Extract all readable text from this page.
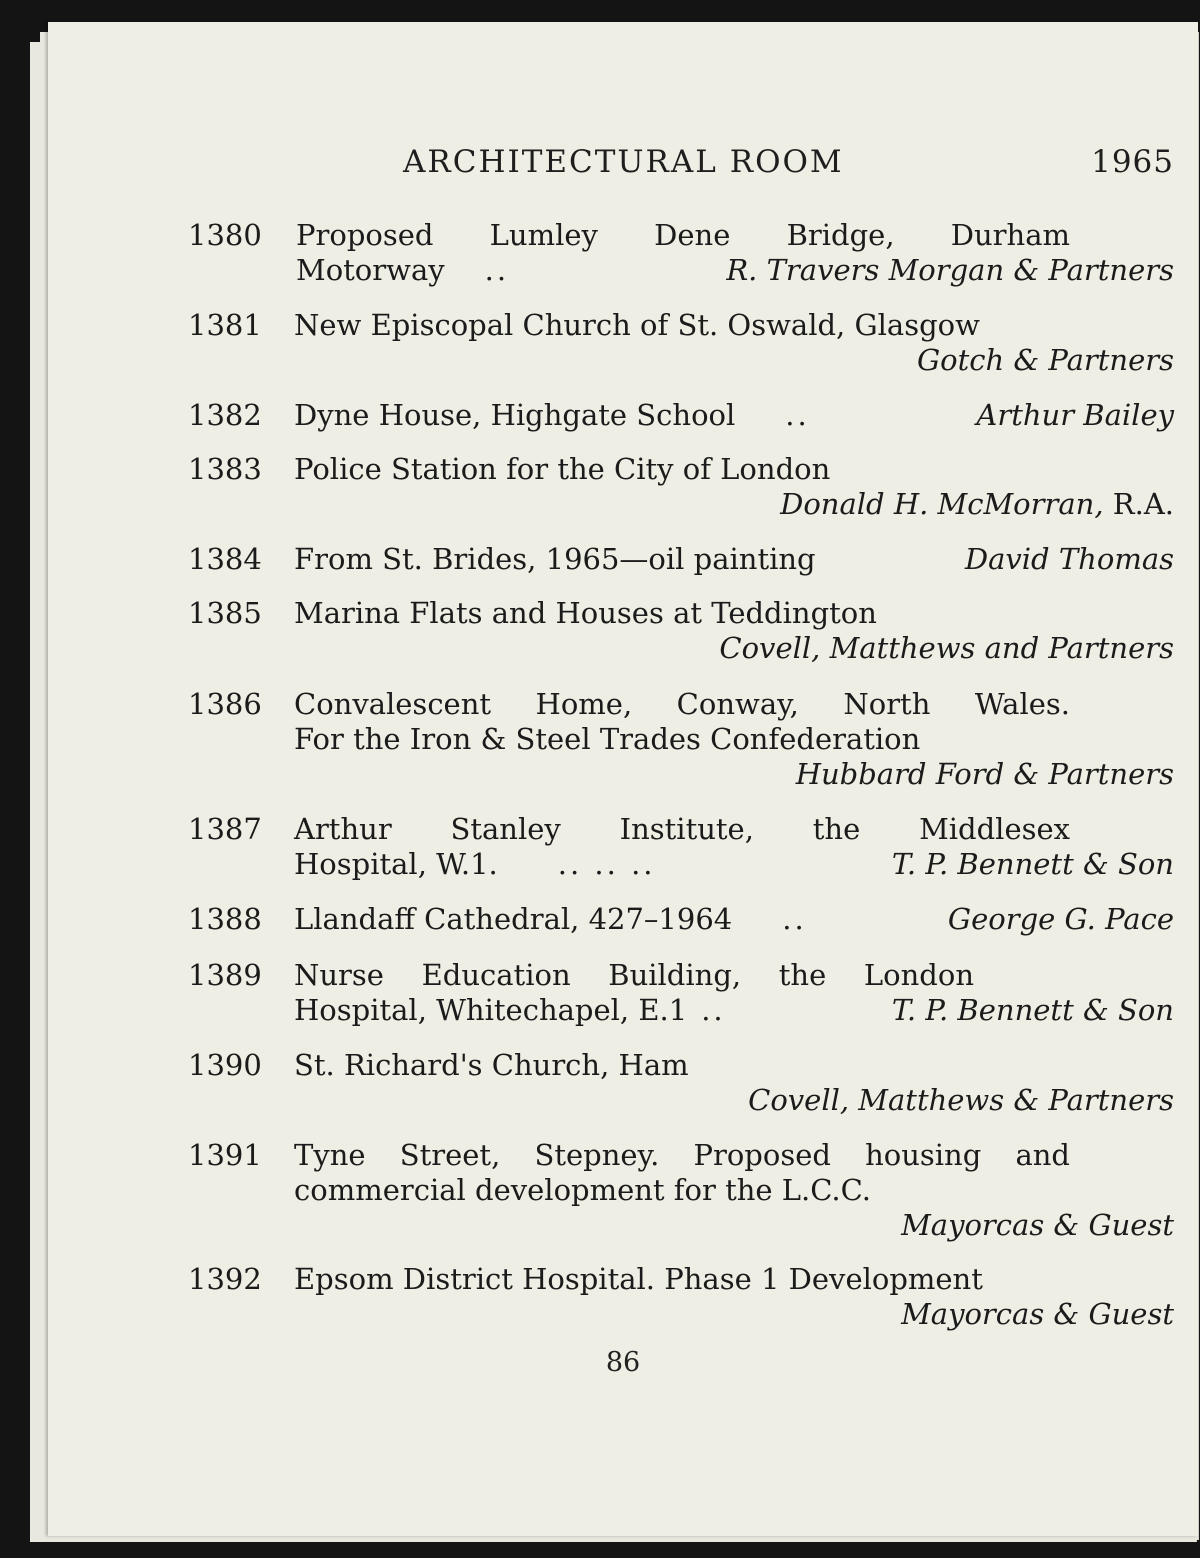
ARCHITECTURAL ROOM	1965
1380 Proposed Lumley Dene Bridge, Durham
Motorway ..	R. Travers Morgan & Partners
1381 New Episcopal Church of St. Oswald, Glasgow
Gotch & Partners
1382 Dyne House, Highgate School ..	Arthur Bailey
1383 Police Station for the City of London
Donald H. McMorran, R.A.
1384 From St. Brides, 1965—oil painting	David Thomas
1385 Marina Flats and Houses at Teddington
Covell, Matthews and Partners
1386 Convalescent Home, Conway, North Wales.
For the Iron & Steel Trades Confederation
Hubbard Ford & Partners
1387 Arthur Stanley Institute, the Middlesex
Hospital, W.1. .. .. ..	T. P. Bennett & Son
1388 Llandaff Cathedral, 427–1964 ..	George G. Pace
1389 Nurse Education Building, the London
Hospital, Whitechapel, E.1 ..	T. P. Bennett & Son
1390 St. Richard's Church, Ham
Covell, Matthews & Partners
1391 Tyne Street, Stepney. Proposed housing and
commercial development for the L.C.C.
Mayorcas & Guest
1392 Epsom District Hospital. Phase 1 Development
Mayorcas & Guest
86
